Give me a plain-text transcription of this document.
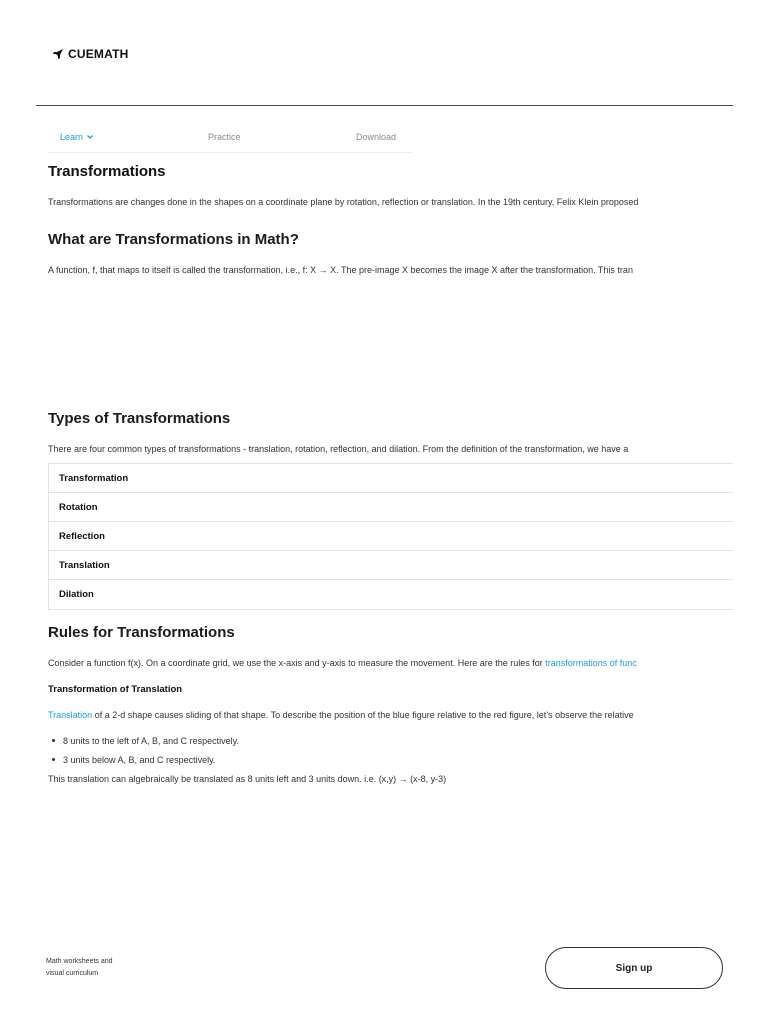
CUEMATH
Learn	Practice	Download
Transformations
Transformations are changes done in the shapes on a coordinate plane by rotation, reflection or translation. In the 19th century, Felix Klein proposed
What are Transformations in Math?
A function, f, that maps to itself is called the transformation, i.e., f: X → X. The pre-image X becomes the image X after the transformation. This tran
Types of Transformations
There are four common types of transformations - translation, rotation, reflection, and dilation. From the definition of the transformation, we have a
Transformation
Rotation
Reflection
Translation
Dilation
Rules for Transformations
Consider a function f(x). On a coordinate grid, we use the x-axis and y-axis to measure the movement. Here are the rules for transformations of func
Transformation of Translation
Translation of a 2-d shape causes sliding of that shape. To describe the position of the blue figure relative to the red figure, let’s observe the relative
8 units to the left of A, B, and C respectively.
3 units below A, B, and C respectively.
This translation can algebraically be translated as 8 units left and 3 units down. i.e. (x,y) → (x-8, y-3)
Math worksheets and
visual curriculum	Sign up
